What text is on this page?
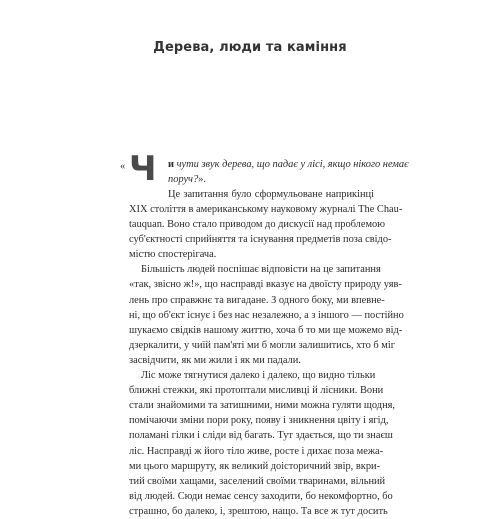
Дерева, люди та каміння
« Ч и чути звук дерева, що падає у лісі, якщо нікого немає
поруч?».
Це запитання було сформульоване наприкінці
XIX століття в американському науковому журналі The Chau-
tauquan. Воно стало приводом до дискусії над проблемою
суб'єктності сприйняття та існування предметів поза свідо-
містю спостерігача.
Більшість людей поспішає відповісти на це запитання
«так, звісно ж!», що насправді вказує на двоїсту природу уяв-
лень про справжнє та вигадане. З одного боку, ми впевне-
ні, що об'єкт існує і без нас незалежно, а з іншого — постійно
шукаємо свідків нашому життю, хоча б то ми ще можемо від-
дзеркалити, у чиїй пам'яті ми б могли залишитись, хто б міг
засвідчити, як ми жили і як ми падали.
Ліс може тягнутися далеко і далеко, що видно тільки
ближні стежки, які протоптали мисливці й лісники. Вони
стали знайомими та затишними, ними можна гуляти щодня,
помічаючи зміни пори року, появу і зникнення цвіту і ягід,
поламані гілки і сліди від багать. Тут здається, що ти знаєш
ліс. Насправді ж його тіло живе, росте і дихає поза межа-
ми цього маршруту, як великий доісторичний звір, вкри-
тий своїми хащами, заселений своїми тваринами, вільний
від людей. Сюди немає сенсу заходити, бо некомфортно, бо
страшно, бо далеко, і, зрештою, нащо. Та все ж тут досить
